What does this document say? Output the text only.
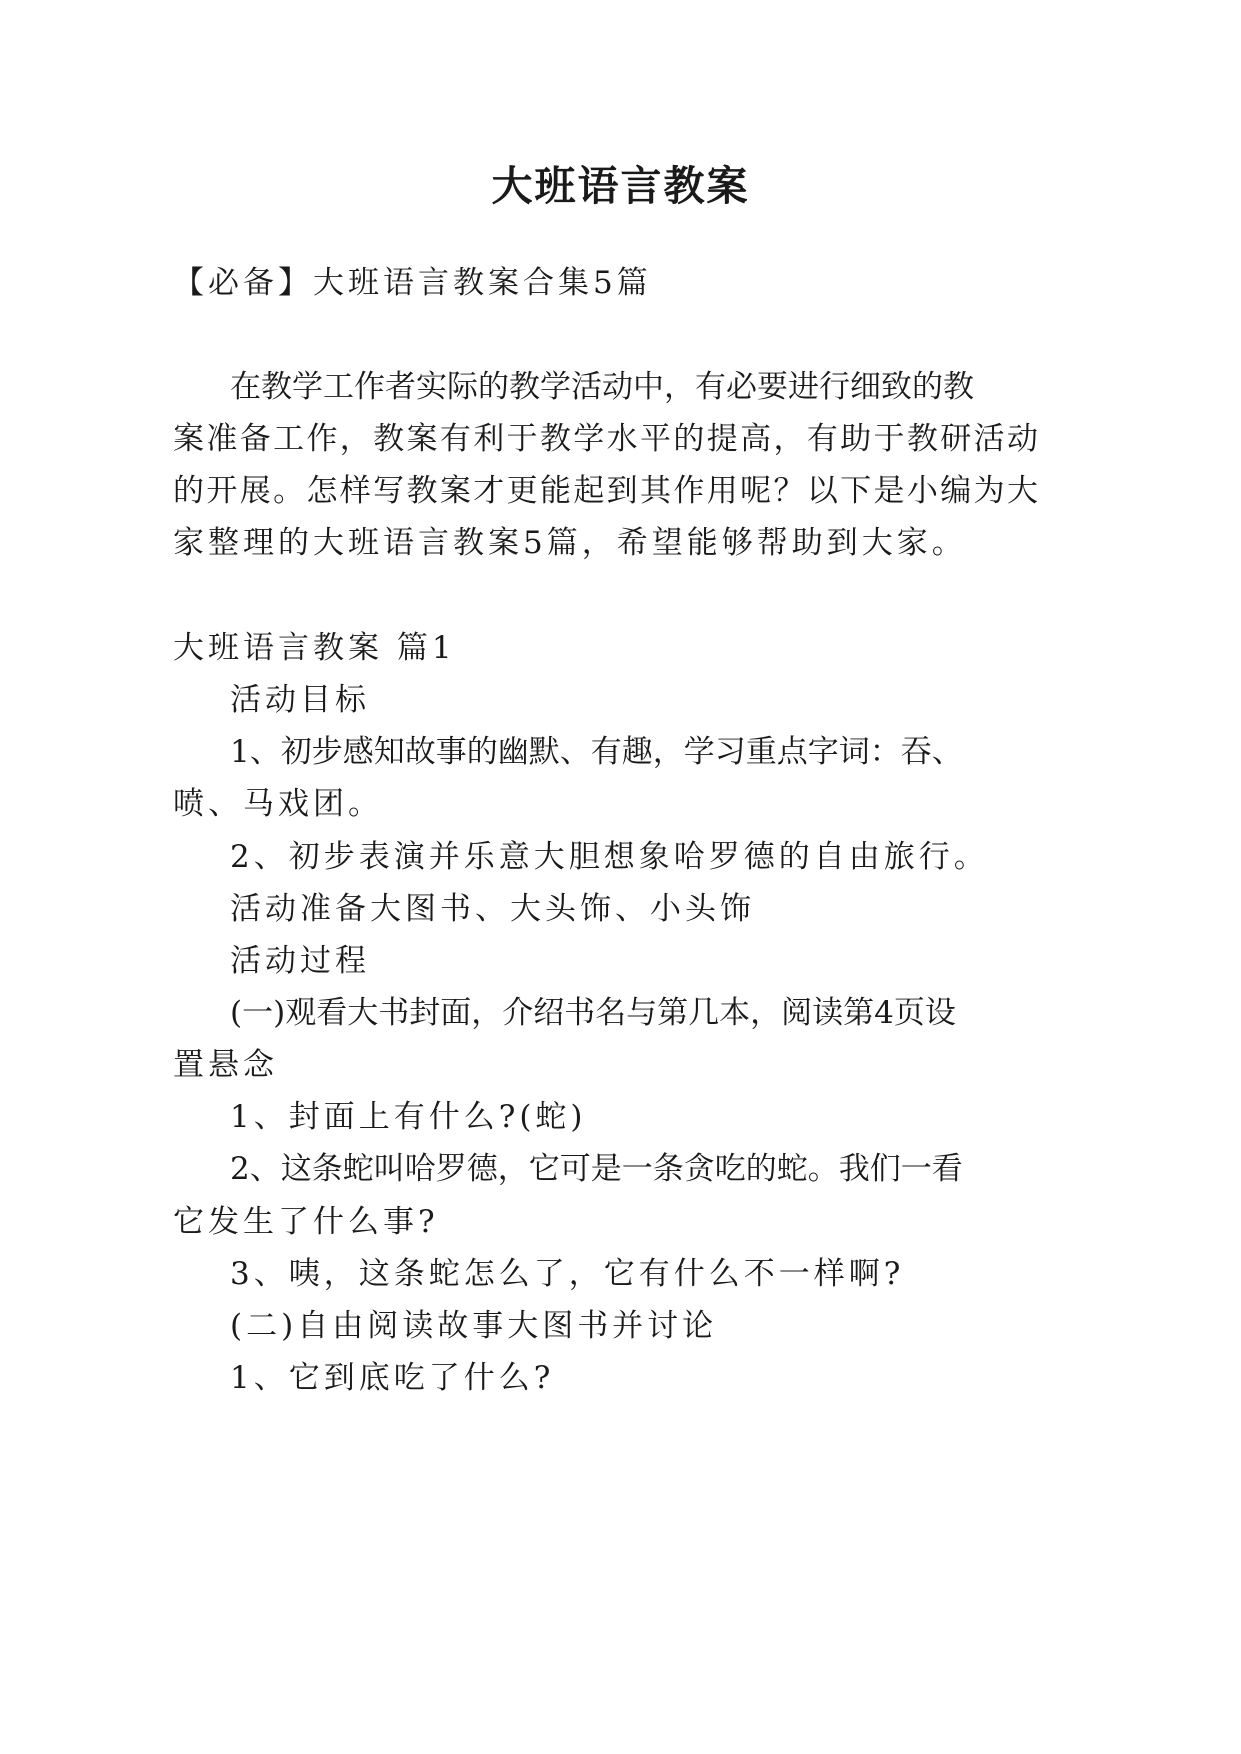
大班语言教案

【必备】大班语言教案合集5篇

在教学工作者实际的教学活动中，有必要进行细致的教

案准备工作，教案有利于教学水平的提高，有助于教研活动

的开展。怎样写教案才更能起到其作用呢？以下是小编为大

家整理的大班语言教案5篇，希望能够帮助到大家。

大班语言教案 篇1

活动目标

1、初步感知故事的幽默、有趣，学习重点字词：吞、

喷、马戏团。

2、初步表演并乐意大胆想象哈罗德的自由旅行。

活动准备大图书、大头饰、小头饰

活动过程

(一)观看大书封面，介绍书名与第几本，阅读第4页设

置悬念

1、封面上有什么?(蛇)

2、这条蛇叫哈罗德，它可是一条贪吃的蛇。我们一看

它发生了什么事?

3、咦，这条蛇怎么了，它有什么不一样啊?

(二)自由阅读故事大图书并讨论

1、它到底吃了什么?
